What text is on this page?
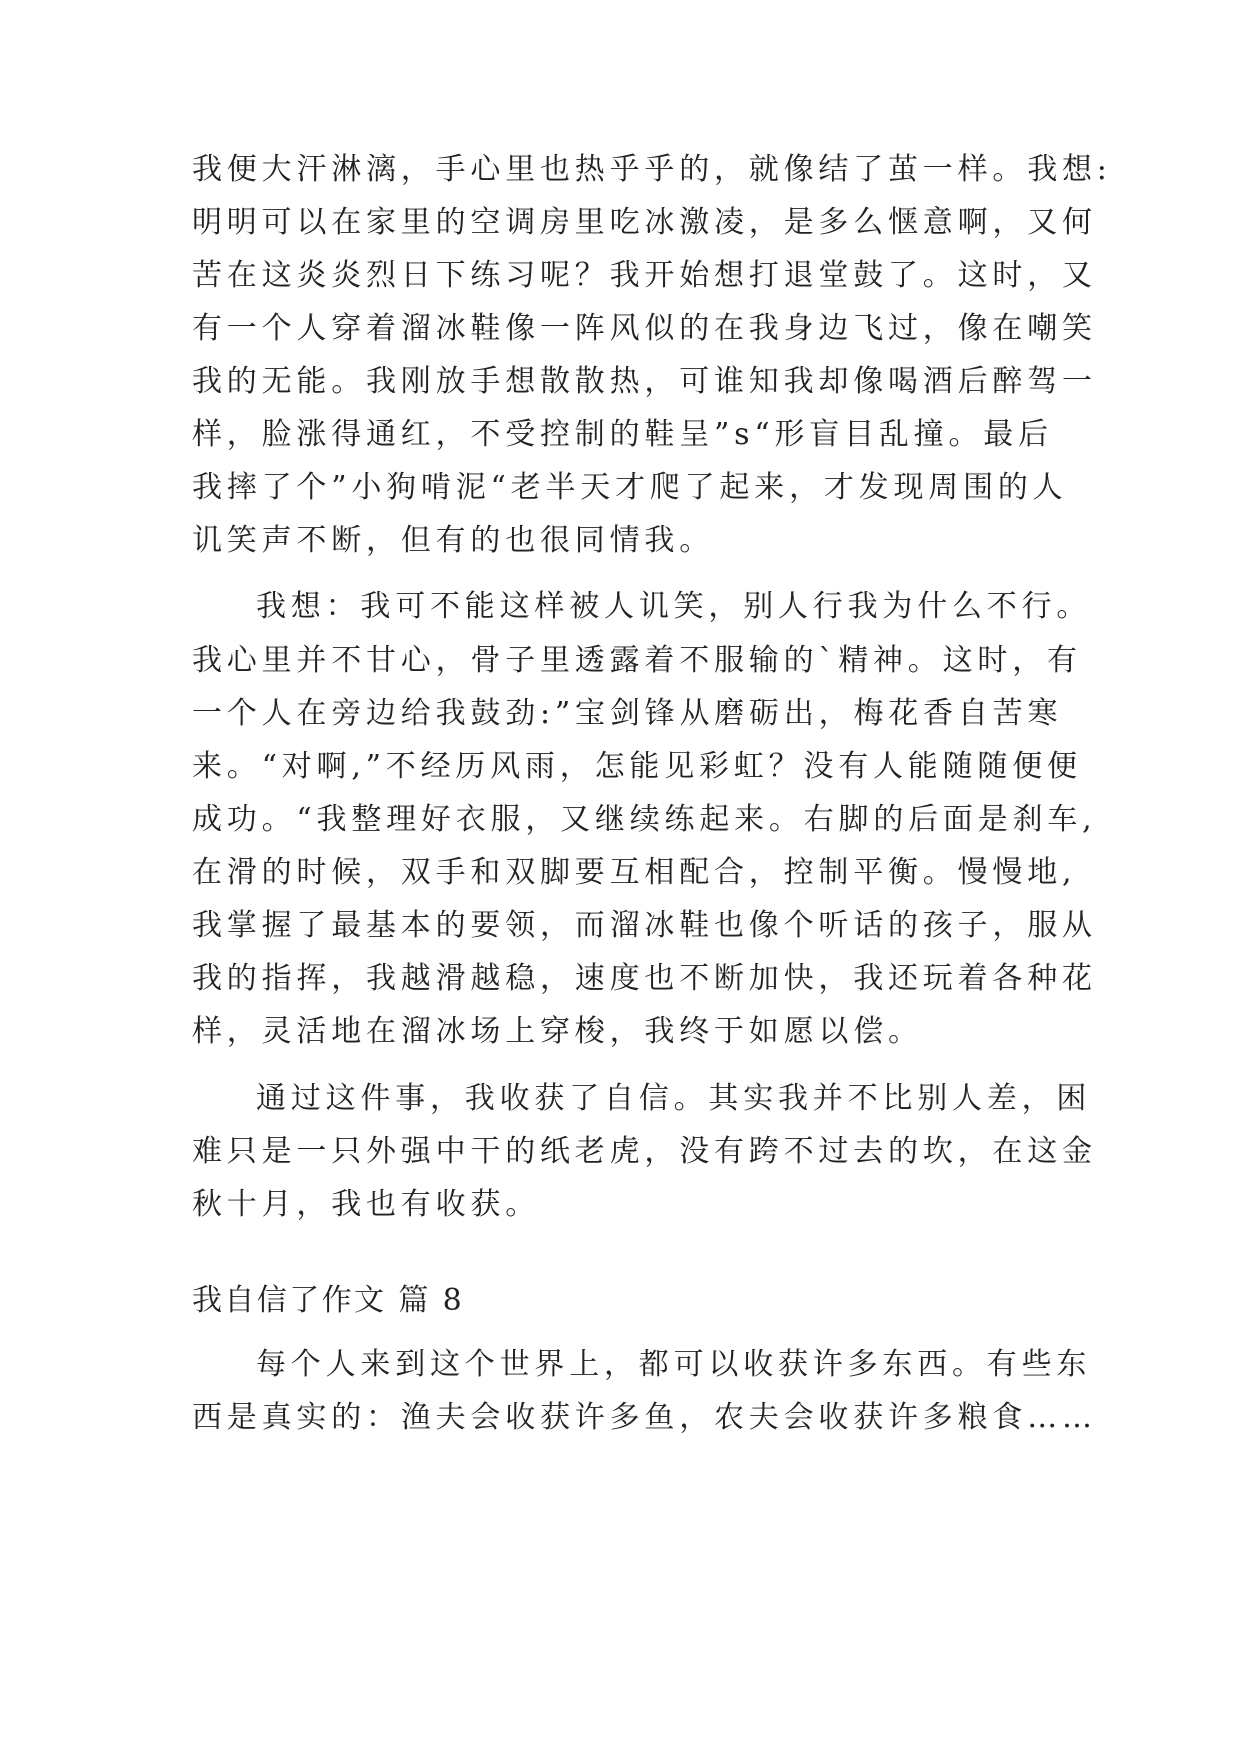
我便大汗淋漓，手心里也热乎乎的，就像结了茧一样。我想:
明明可以在家里的空调房里吃冰激凌，是多么惬意啊，又何
苦在这炎炎烈日下练习呢？我开始想打退堂鼓了。这时，又
有一个人穿着溜冰鞋像一阵风似的在我身边飞过，像在嘲笑
我的无能。我刚放手想散散热，可谁知我却像喝酒后醉驾一
样，脸涨得通红，不受控制的鞋呈”s“形盲目乱撞。最后
我摔了个”小狗啃泥“老半天才爬了起来，才发现周围的人
讥笑声不断，但有的也很同情我。
我想：我可不能这样被人讥笑，别人行我为什么不行。
我心里并不甘心，骨子里透露着不服输的`精神。这时，有
一个人在旁边给我鼓劲:”宝剑锋从磨砺出，梅花香自苦寒
来。“对啊,”不经历风雨，怎能见彩虹？没有人能随随便便
成功。“我整理好衣服，又继续练起来。右脚的后面是刹车,
在滑的时候，双手和双脚要互相配合，控制平衡。慢慢地,
我掌握了最基本的要领，而溜冰鞋也像个听话的孩子，服从
我的指挥，我越滑越稳，速度也不断加快，我还玩着各种花
样，灵活地在溜冰场上穿梭，我终于如愿以偿。
通过这件事，我收获了自信。其实我并不比别人差，困
难只是一只外强中干的纸老虎，没有跨不过去的坎，在这金
秋十月，我也有收获。
我自信了作文 篇 8
每个人来到这个世界上，都可以收获许多东西。有些东
西是真实的：渔夫会收获许多鱼，农夫会收获许多粮食……
